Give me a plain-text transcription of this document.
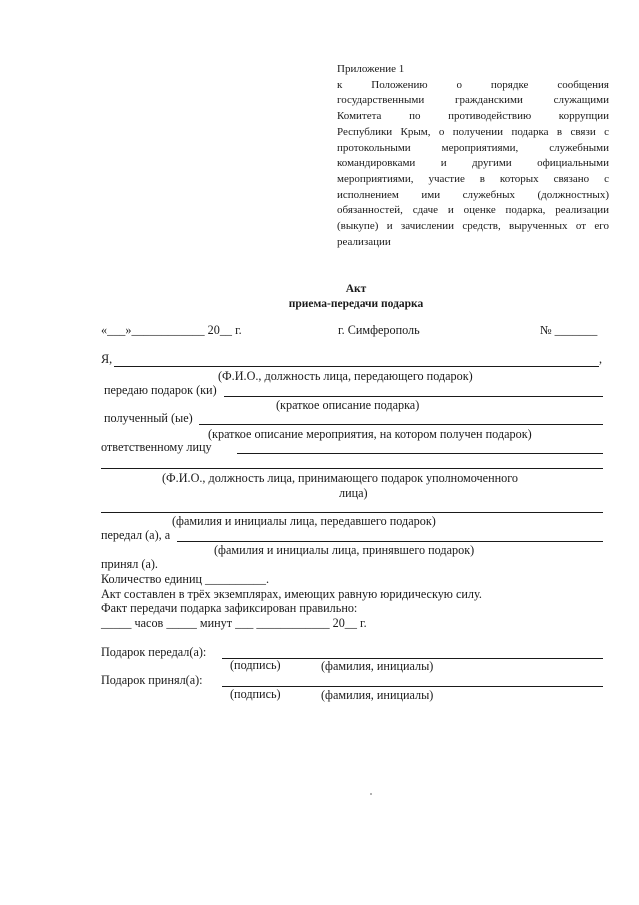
Приложение 1
к Положению о порядке сообщения
государственными гражданскими служащими
Комитета по противодействию коррупции
Республики Крым, о получении подарка в связи с
протокольными мероприятиями, служебными
командировками и другими официальными
мероприятиями, участие в которых связано с
исполнением ими служебных (должностных)
обязанностей, сдаче и оценке подарка, реализации
(выкупе) и зачислении средств, вырученных от его
реализации
Акт
приема-передачи подарка
«___»____________ 20__ г.	г. Симферополь	№ _______
Я,	,
(Ф.И.О., должность лица, передающего подарок)
передаю подарок (ки)
(краткое описание подарка)
полученный (ые)
(краткое описание мероприятия, на котором получен подарок)
ответственному лицу
(Ф.И.О., должность лица, принимающего подарок уполномоченного
лица)
(фамилия и инициалы лица, передавшего подарок)
передал (а), а
(фамилия и инициалы лица, принявшего подарок)
принял (а).
Количество единиц __________.
Акт составлен в трёх экземплярах, имеющих равную юридическую силу.
Факт передачи подарка зафиксирован правильно:
_____ часов _____ минут ___ ____________ 20__ г.
Подарок передал(а):
(подпись)	(фамилия, инициалы)
Подарок принял(а):
(подпись)	(фамилия, инициалы)
